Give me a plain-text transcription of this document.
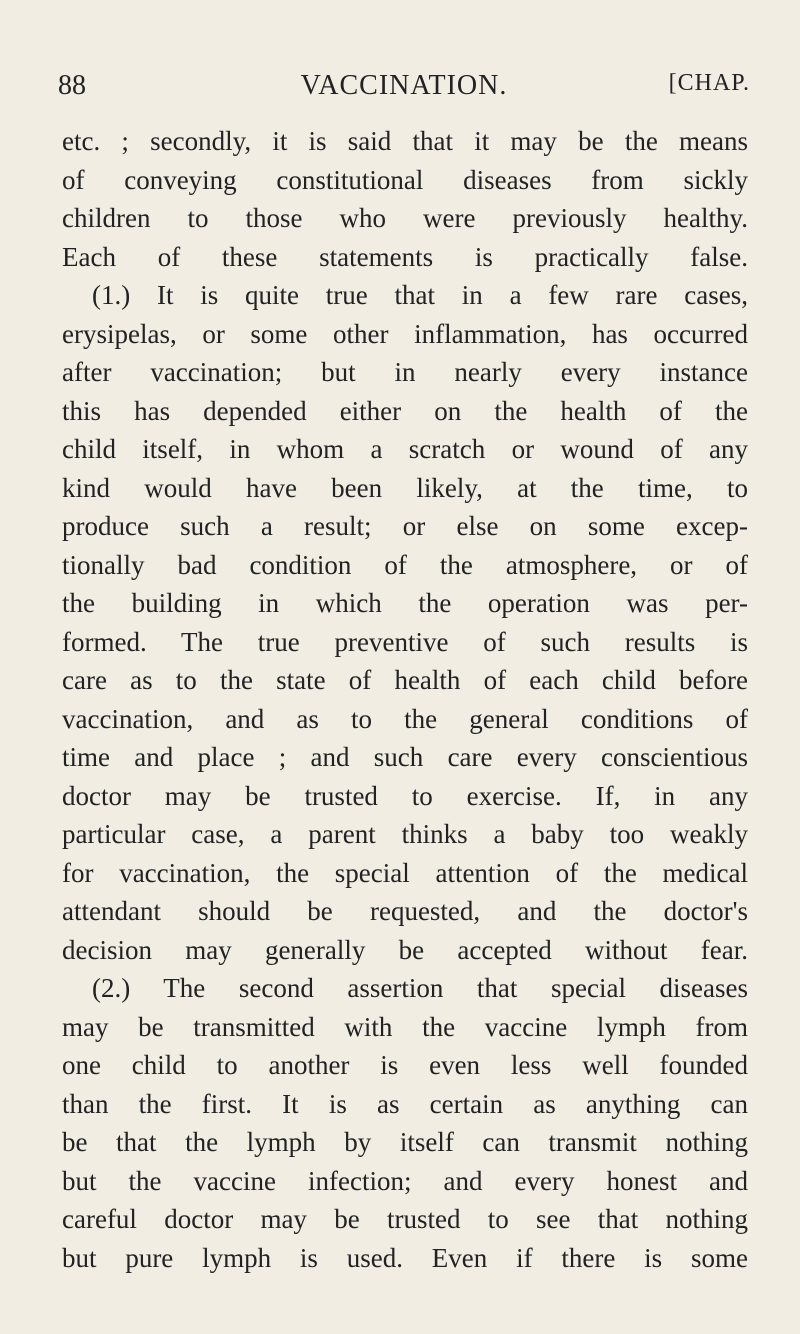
88	VACCINATION.	[CHAP.
etc. ; secondly, it is said that it may be the means
of conveying constitutional diseases from sickly
children to those who were previously healthy.
Each of these statements is practically false.
(1.) It is quite true that in a few rare cases,
erysipelas, or some other inflammation, has occurred
after vaccination; but in nearly every instance
this has depended either on the health of the
child itself, in whom a scratch or wound of any
kind would have been likely, at the time, to
produce such a result; or else on some excep-
tionally bad condition of the atmosphere, or of
the building in which the operation was per-
formed. The true preventive of such results is
care as to the state of health of each child before
vaccination, and as to the general conditions of
time and place ; and such care every conscientious
doctor may be trusted to exercise. If, in any
particular case, a parent thinks a baby too weakly
for vaccination, the special attention of the medical
attendant should be requested, and the doctor's
decision may generally be accepted without fear.
(2.) The second assertion that special diseases
may be transmitted with the vaccine lymph from
one child to another is even less well founded
than the first. It is as certain as anything can
be that the lymph by itself can transmit nothing
but the vaccine infection; and every honest and
careful doctor may be trusted to see that nothing
but pure lymph is used. Even if there is some
